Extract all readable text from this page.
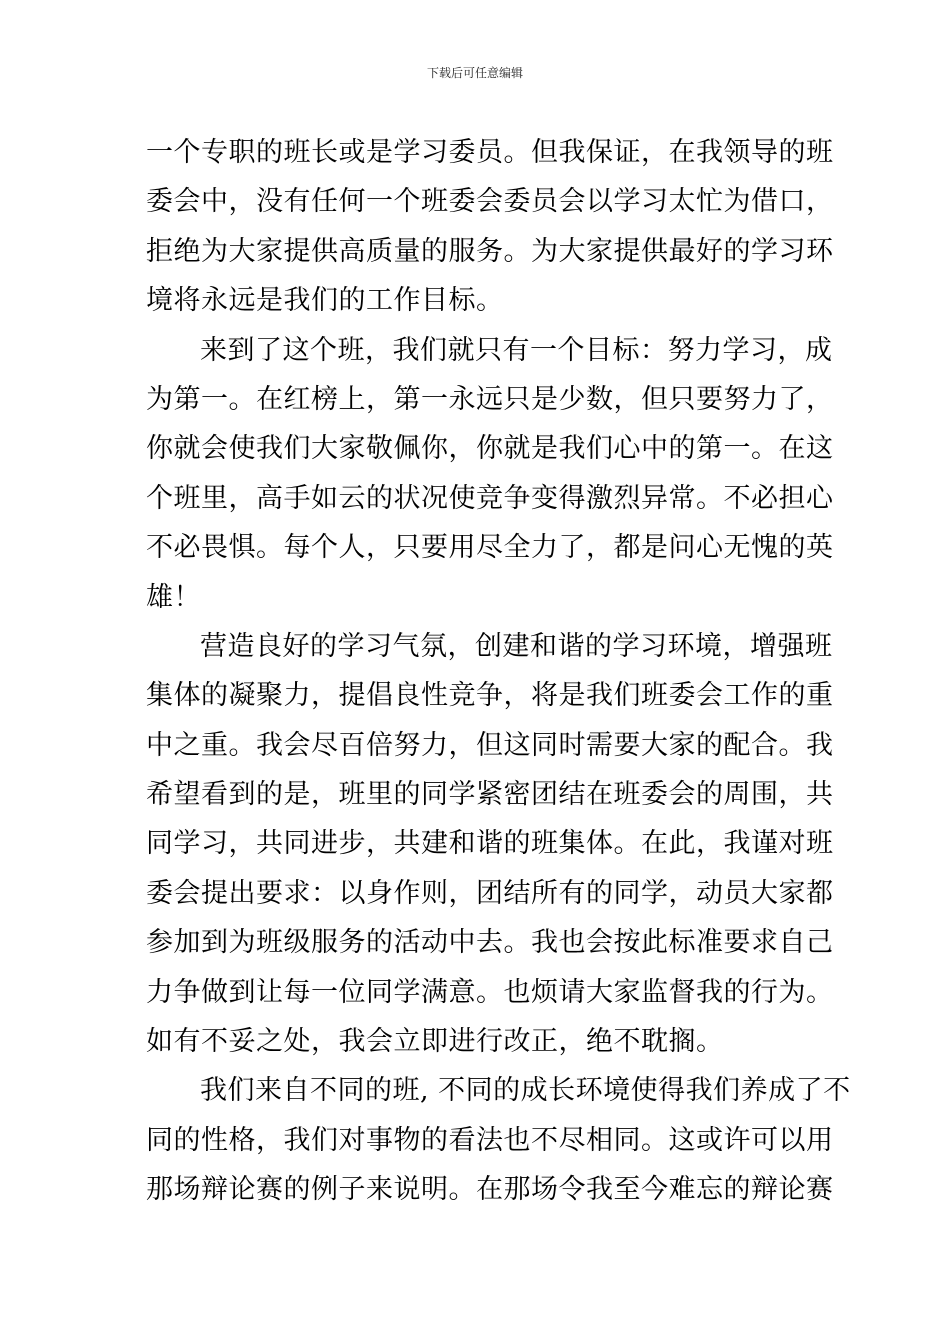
下载后可任意编辑
一个专职的班长或是学习委员。但我保证，在我领导的班
委会中，没有任何一个班委会委员会以学习太忙为借口，
拒绝为大家提供高质量的服务。为大家提供最好的学习环
境将永远是我们的工作目标。
来到了这个班，我们就只有一个目标：努力学习，成
为第一。在红榜上，第一永远只是少数，但只要努力了，
你就会使我们大家敬佩你，你就是我们心中的第一。在这
个班里，高手如云的状况使竞争变得激烈异常。不必担心
不必畏惧。每个人，只要用尽全力了，都是问心无愧的英
雄！
营造良好的学习气氛，创建和谐的学习环境，增强班
集体的凝聚力，提倡良性竞争，将是我们班委会工作的重
中之重。我会尽百倍努力，但这同时需要大家的配合。我
希望看到的是，班里的同学紧密团结在班委会的周围，共
同学习，共同进步，共建和谐的班集体。在此，我谨对班
委会提出要求：以身作则，团结所有的同学，动员大家都
参加到为班级服务的活动中去。我也会按此标准要求自己
力争做到让每一位同学满意。也烦请大家监督我的行为。
如有不妥之处，我会立即进行改正，绝不耽搁。
我们来自不同的班, 不同的成长环境使得我们养成了不
同的性格，我们对事物的看法也不尽相同。这或许可以用
那场辩论赛的例子来说明。在那场令我至今难忘的辩论赛
